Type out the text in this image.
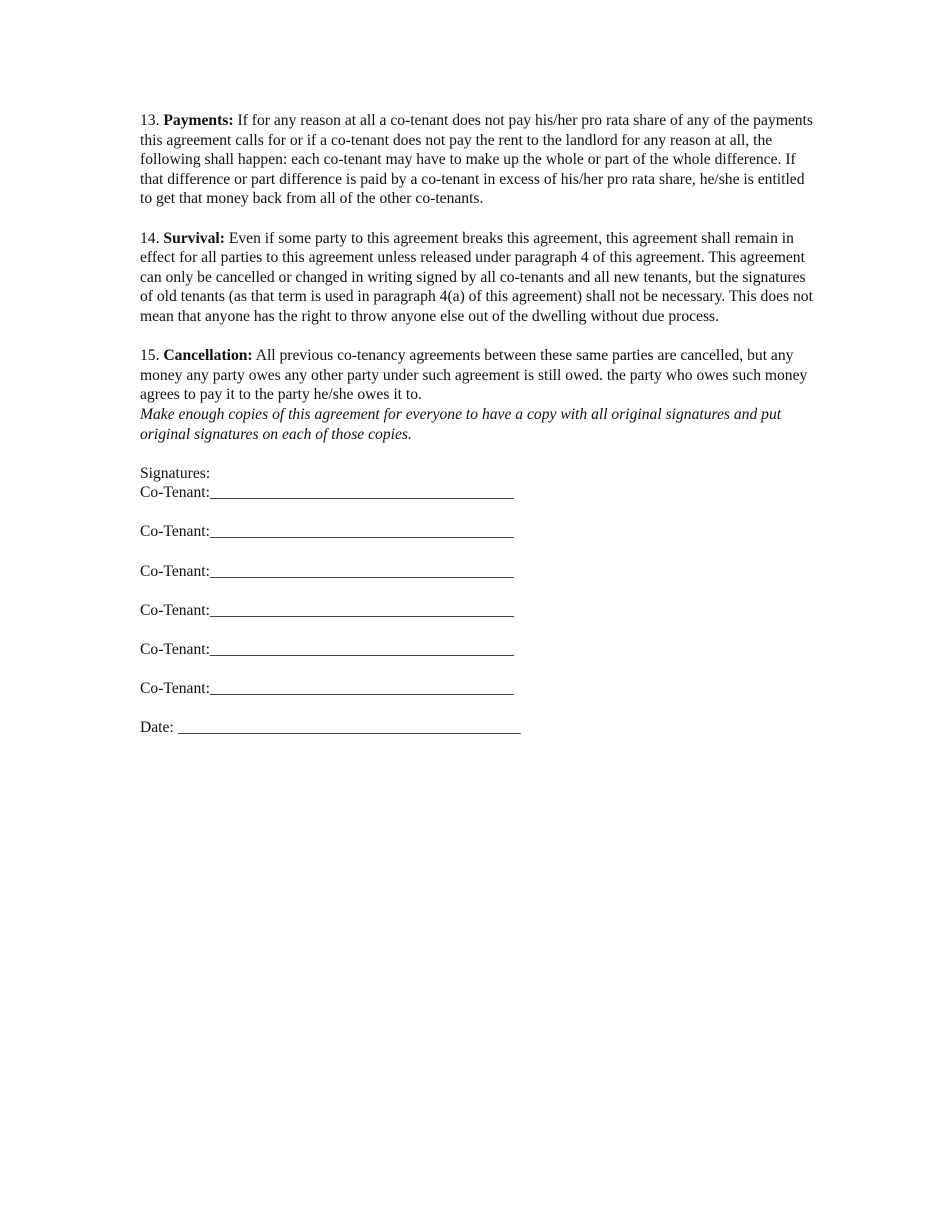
13. Payments: If for any reason at all a co-tenant does not pay his/her pro rata share of any of the payments this agreement calls for or if a co-tenant does not pay the rent to the landlord for any reason at all, the following shall happen: each co-tenant may have to make up the whole or part of the whole difference. If that difference or part difference is paid by a co-tenant in excess of his/her pro rata share, he/she is entitled to get that money back from all of the other co-tenants.

14. Survival: Even if some party to this agreement breaks this agreement, this agreement shall remain in effect for all parties to this agreement unless released under paragraph 4 of this agreement. This agreement can only be cancelled or changed in writing signed by all co-tenants and all new tenants, but the signatures of old tenants (as that term is used in paragraph 4(a) of this agreement) shall not be necessary. This does not mean that anyone has the right to throw anyone else out of the dwelling without due process.

15. Cancellation: All previous co-tenancy agreements between these same parties are cancelled, but any money any party owes any other party under such agreement is still owed. the party who owes such money agrees to pay it to the party he/she owes it to.

Make enough copies of this agreement for everyone to have a copy with all original signatures and put original signatures on each of those copies.

Signatures:

Co-Tenant:_______________________________________

Co-Tenant:_______________________________________

Co-Tenant:_______________________________________

Co-Tenant:_______________________________________

Co-Tenant:_______________________________________

Co-Tenant:_______________________________________

Date: ____________________________________________
